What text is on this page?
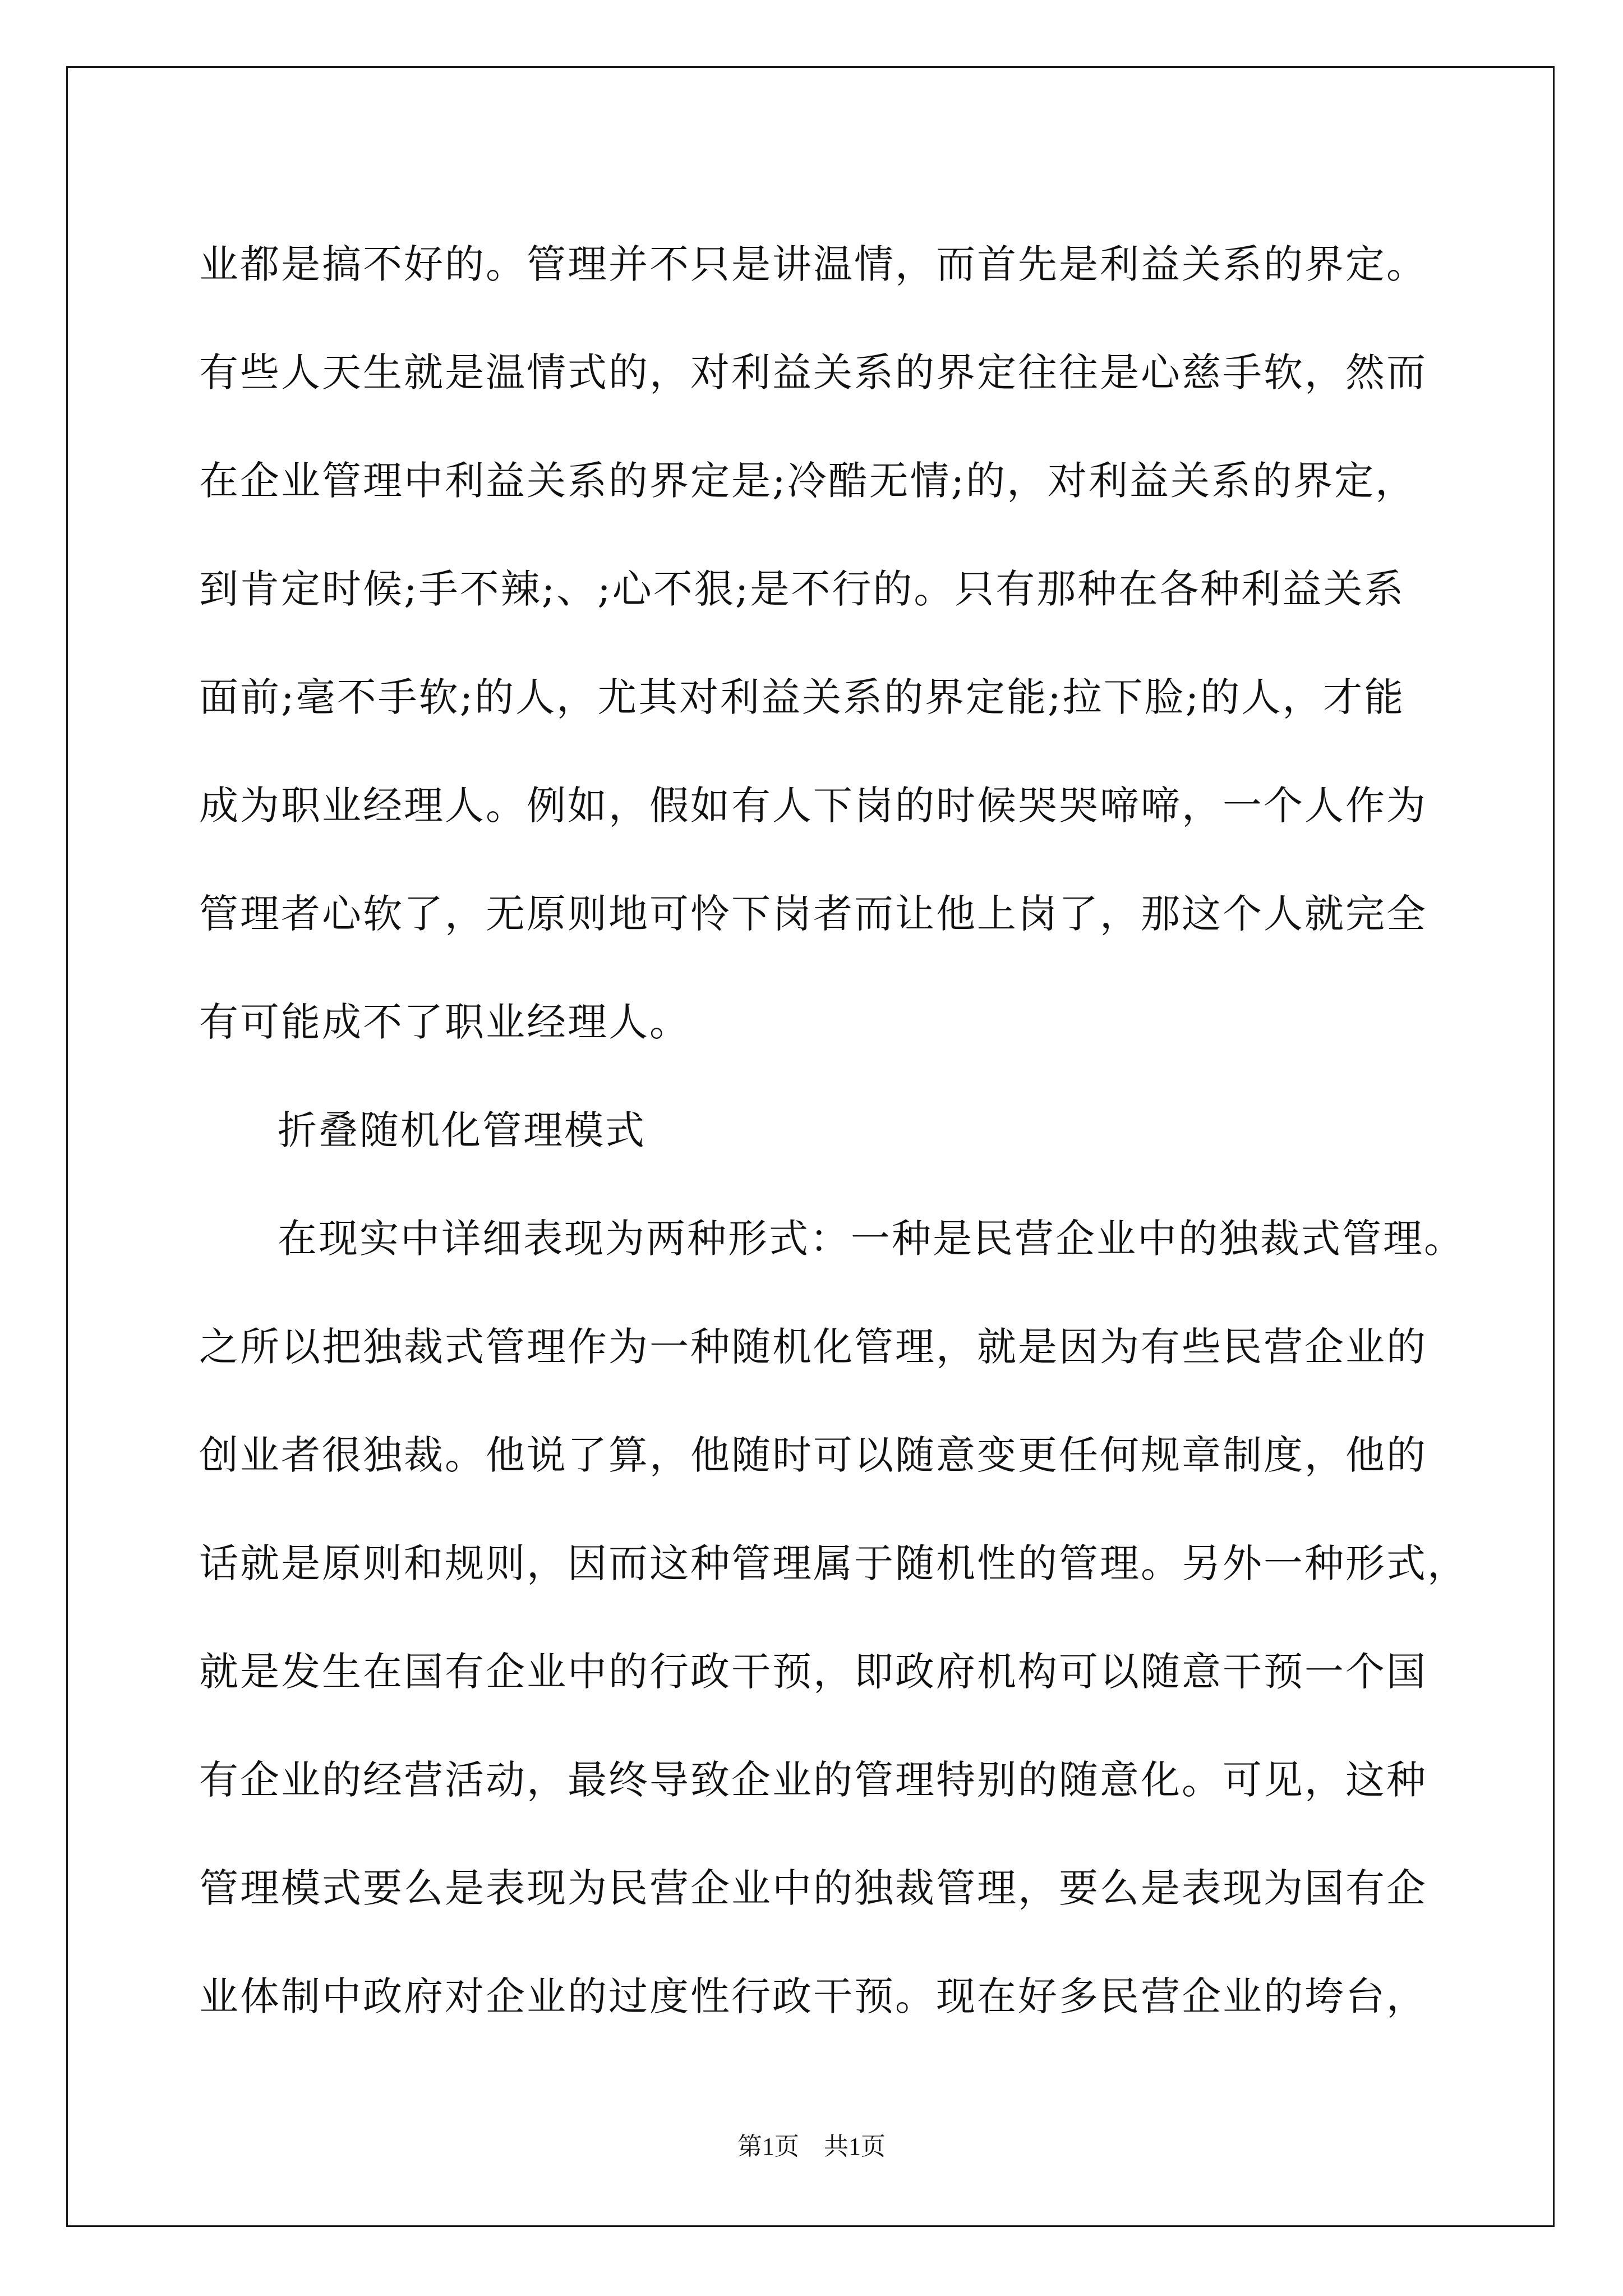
业都是搞不好的。管理并不只是讲温情，而首先是利益关系的界定。
有些人天生就是温情式的，对利益关系的界定往往是心慈手软，然而
在企业管理中利益关系的界定是;冷酷无情;的，对利益关系的界定，
到肯定时候;手不辣;、;心不狠;是不行的。只有那种在各种利益关系
面前;毫不手软;的人，尤其对利益关系的界定能;拉下脸;的人，才能
成为职业经理人。例如，假如有人下岗的时候哭哭啼啼，一个人作为
管理者心软了，无原则地可怜下岗者而让他上岗了，那这个人就完全
有可能成不了职业经理人。
折叠随机化管理模式
在现实中详细表现为两种形式：一种是民营企业中的独裁式管理。
之所以把独裁式管理作为一种随机化管理，就是因为有些民营企业的
创业者很独裁。他说了算，他随时可以随意变更任何规章制度，他的
话就是原则和规则，因而这种管理属于随机性的管理。另外一种形式，
就是发生在国有企业中的行政干预，即政府机构可以随意干预一个国
有企业的经营活动，最终导致企业的管理特别的随意化。可见，这种
管理模式要么是表现为民营企业中的独裁管理，要么是表现为国有企
业体制中政府对企业的过度性行政干预。现在好多民营企业的垮台，
第1页　共1页
